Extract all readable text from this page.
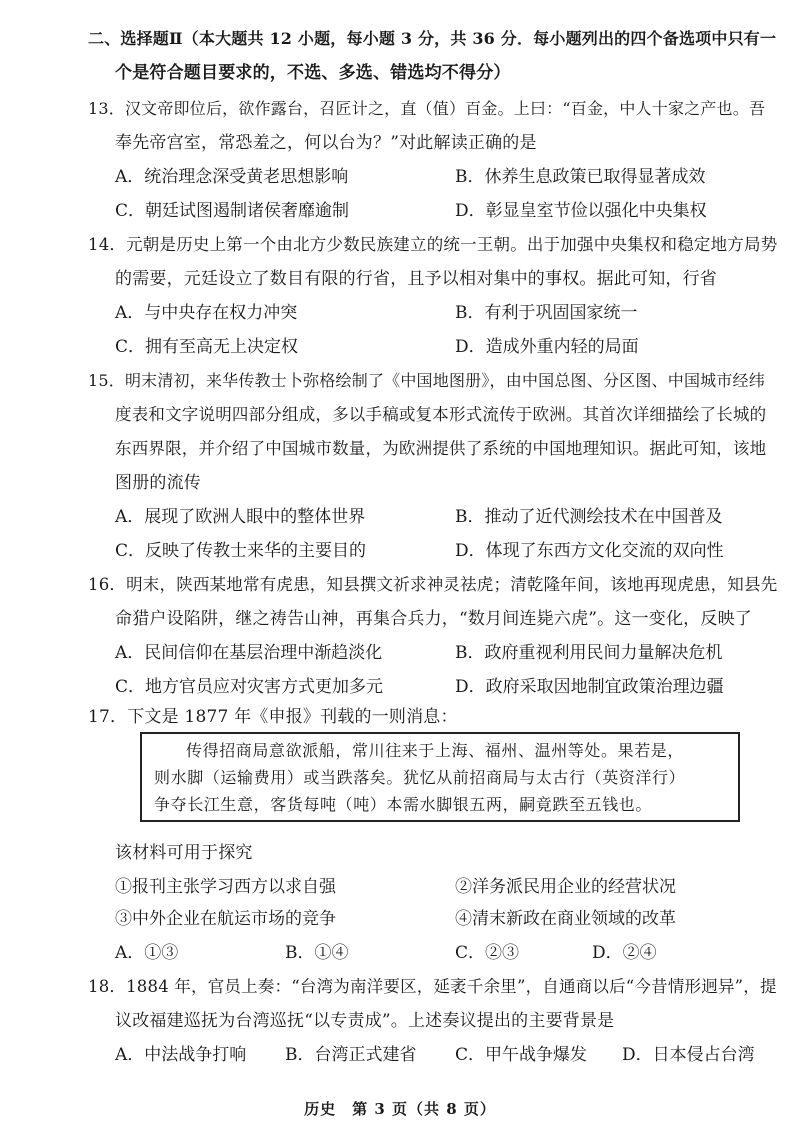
二、选择题Ⅱ（本大题共 12 小题，每小题 3 分，共 36 分．每小题列出的四个备选项中只有一
个是符合题目要求的，不选、多选、错选均不得分）
13．汉文帝即位后，欲作露台，召匠计之，直（值）百金。上曰：“百金，中人十家之产也。吾
奉先帝宫室，常恐羞之，何以台为？”对此解读正确的是
A．统治理念深受黄老思想影响	B．休养生息政策已取得显著成效
C．朝廷试图遏制诸侯奢靡逾制	D．彰显皇室节俭以强化中央集权
14．元朝是历史上第一个由北方少数民族建立的统一王朝。出于加强中央集权和稳定地方局势
的需要，元廷设立了数目有限的行省，且予以相对集中的事权。据此可知，行省
A．与中央存在权力冲突	B．有利于巩固国家统一
C．拥有至高无上决定权	D．造成外重内轻的局面
15．明末清初，来华传教士卜弥格绘制了《中国地图册》，由中国总图、分区图、中国城市经纬
度表和文字说明四部分组成，多以手稿或复本形式流传于欧洲。其首次详细描绘了长城的
东西界限，并介绍了中国城市数量，为欧洲提供了系统的中国地理知识。据此可知，该地
图册的流传
A．展现了欧洲人眼中的整体世界	B．推动了近代测绘技术在中国普及
C．反映了传教士来华的主要目的	D．体现了东西方文化交流的双向性
16．明末，陕西某地常有虎患，知县撰文祈求神灵祛虎；清乾隆年间，该地再现虎患，知县先
命猎户设陷阱，继之祷告山神，再集合兵力，“数月间连毙六虎”。这一变化，反映了
A．民间信仰在基层治理中渐趋淡化	B．政府重视利用民间力量解决危机
C．地方官员应对灾害方式更加多元	D．政府采取因地制宜政策治理边疆
17．下文是 1877 年《申报》刊载的一则消息：
传得招商局意欲派船，常川往来于上海、福州、温州等处。果若是，
则水脚（运输费用）或当跌落矣。犹忆从前招商局与太古行（英资洋行）
争夺长江生意，客货每吨（吨）本需水脚银五两，嗣竟跌至五钱也。
该材料可用于探究
①报刊主张学习西方以求自强	②洋务派民用企业的经营状况
③中外企业在航运市场的竞争	④清末新政在商业领域的改革
A．①③	B．①④	C．②③	D．②④
18．1884 年，官员上奏：“台湾为南洋要区，延袤千余里”，自通商以后“今昔情形迥异”，提
议改福建巡抚为台湾巡抚“以专责成”。上述奏议提出的主要背景是
A．中法战争打响 B．台湾正式建省 C．甲午战争爆发 D．日本侵占台湾
历史　第 3 页（共 8 页）
